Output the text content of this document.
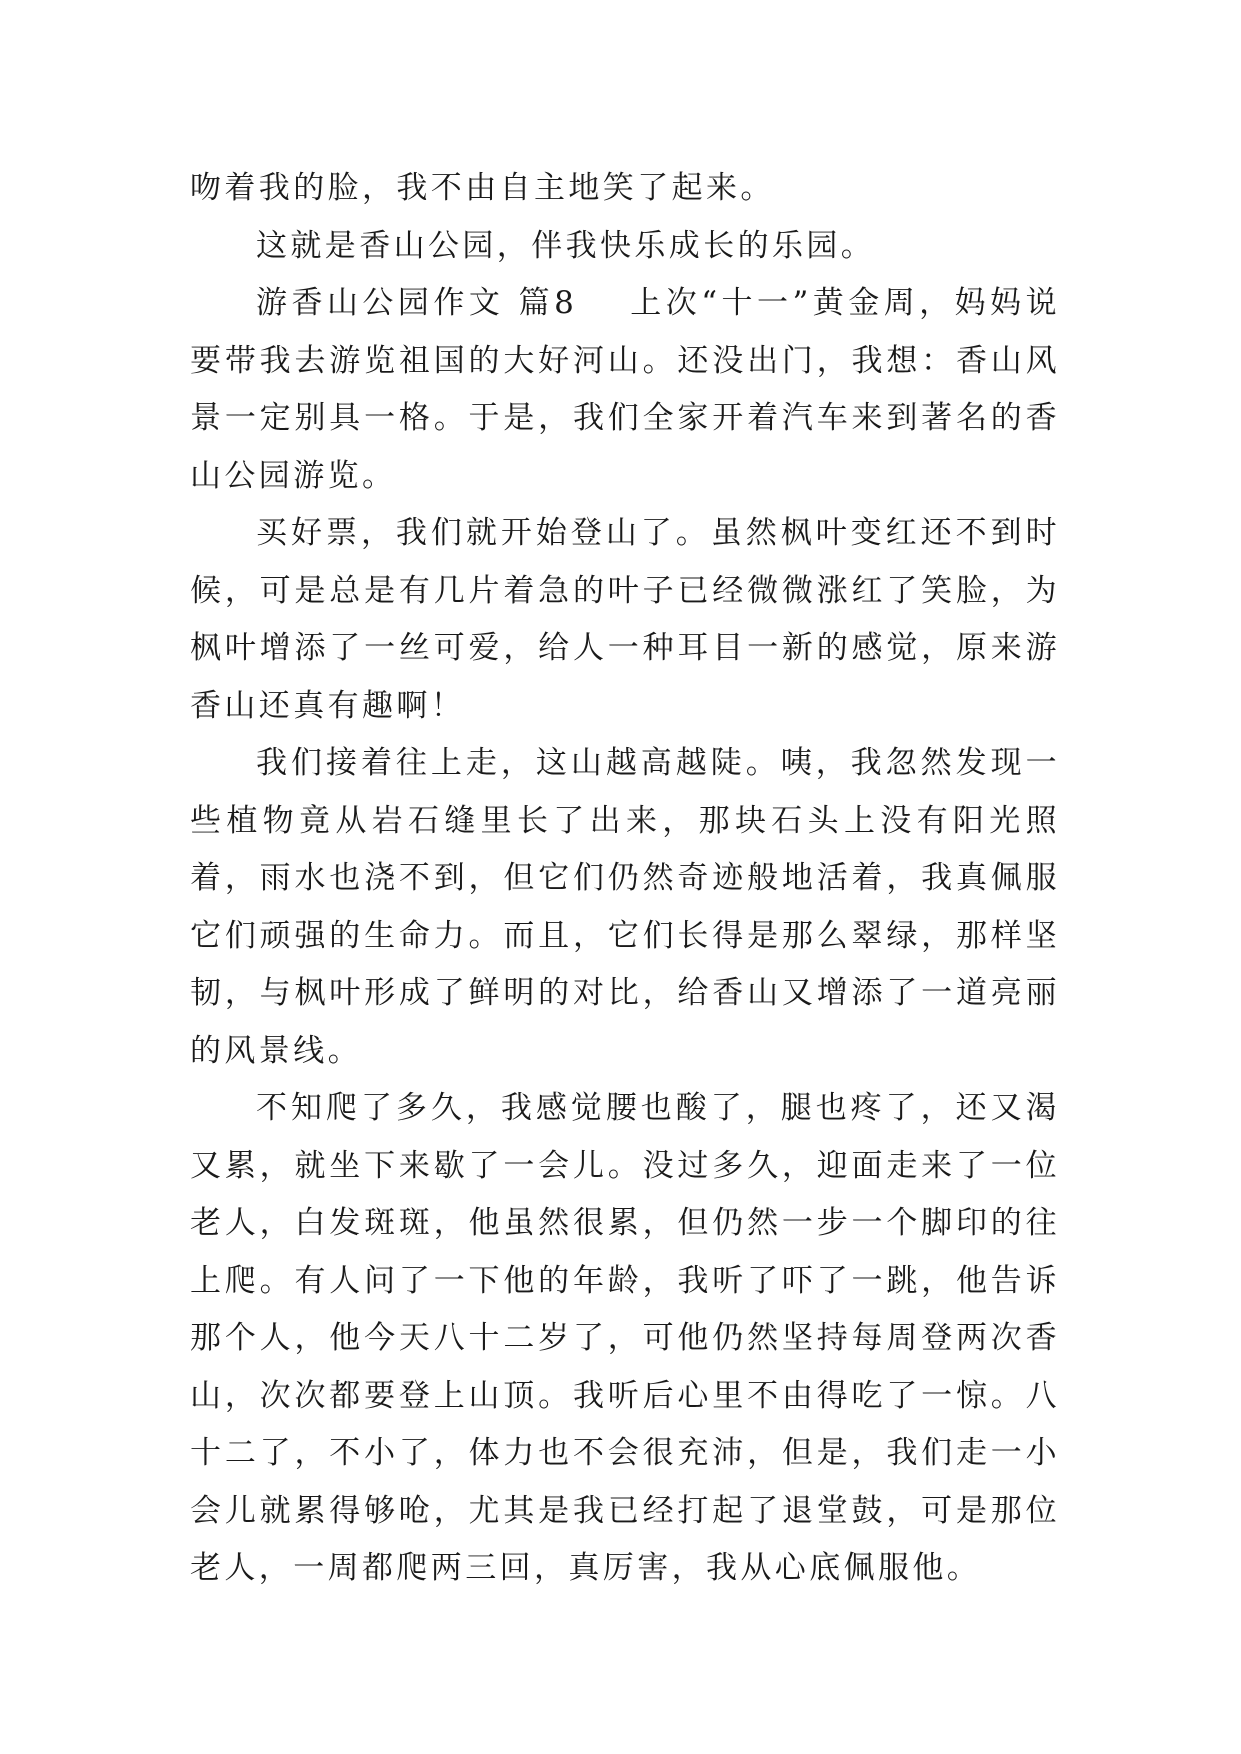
吻着我的脸，我不由自主地笑了起来。

这就是香山公园，伴我快乐成长的乐园。

游香山公园作文 篇8 上次“十一”黄金周，妈妈说要带我去游览祖国的大好河山。还没出门，我想：香山风景一定别具一格。于是，我们全家开着汽车来到著名的香山公园游览。

买好票，我们就开始登山了。虽然枫叶变红还不到时候，可是总是有几片着急的叶子已经微微涨红了笑脸，为枫叶增添了一丝可爱，给人一种耳目一新的感觉，原来游香山还真有趣啊！

我们接着往上走，这山越高越陡。咦，我忽然发现一些植物竟从岩石缝里长了出来，那块石头上没有阳光照着，雨水也浇不到，但它们仍然奇迹般地活着，我真佩服它们顽强的生命力。而且，它们长得是那么翠绿，那样坚韧，与枫叶形成了鲜明的对比，给香山又增添了一道亮丽的风景线。

不知爬了多久，我感觉腰也酸了，腿也疼了，还又渴又累，就坐下来歇了一会儿。没过多久，迎面走来了一位老人，白发斑斑，他虽然很累，但仍然一步一个脚印的往上爬。有人问了一下他的年龄，我听了吓了一跳，他告诉那个人，他今天八十二岁了，可他仍然坚持每周登两次香山，次次都要登上山顶。我听后心里不由得吃了一惊。八十二了，不小了，体力也不会很充沛，但是，我们走一小会儿就累得够呛，尤其是我已经打起了退堂鼓，可是那位老人，一周都爬两三回，真厉害，我从心底佩服他。
